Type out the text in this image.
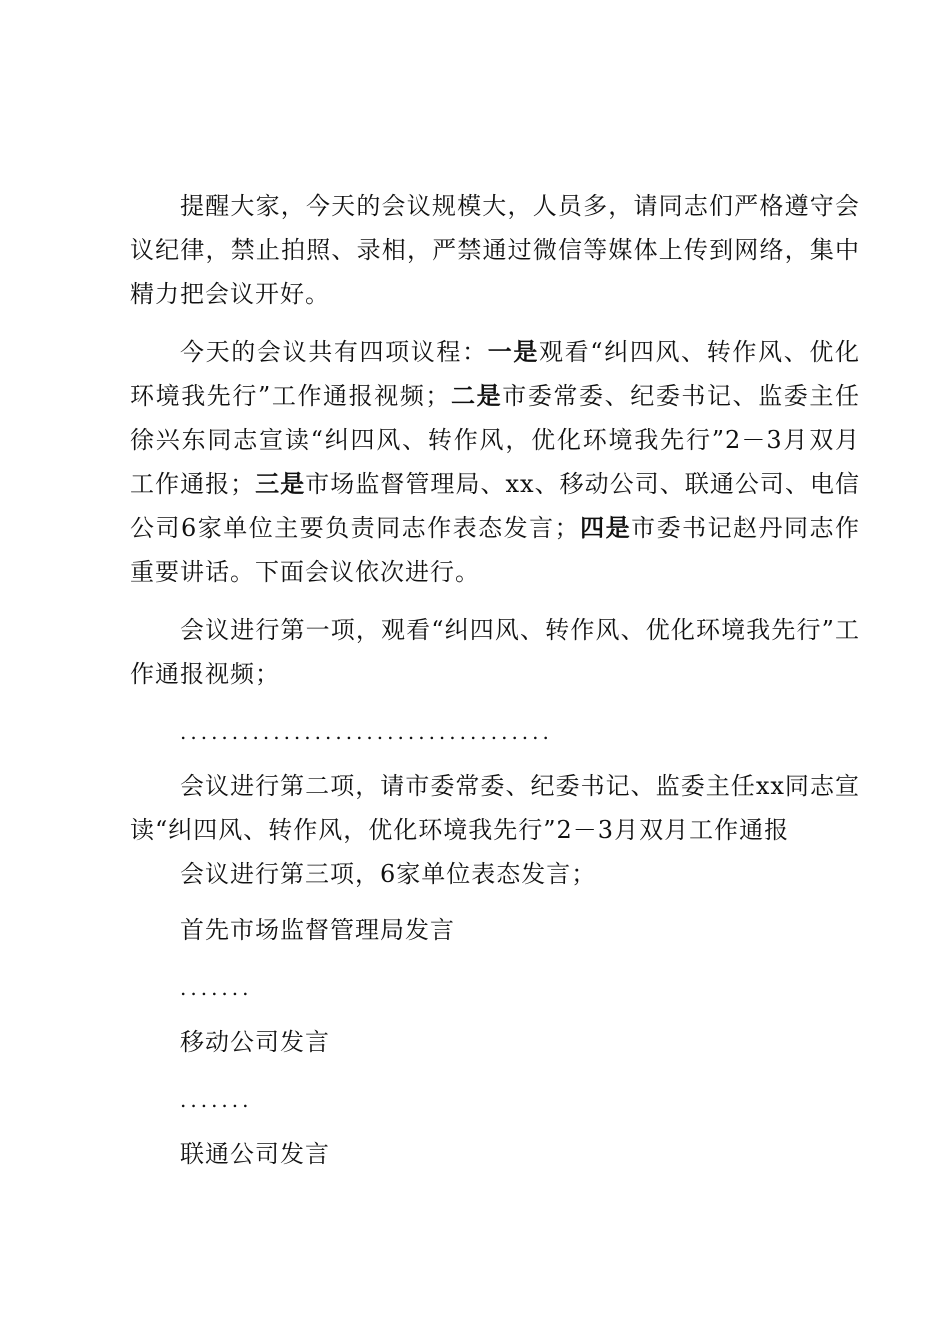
提醒大家，今天的会议规模大，人员多，请同志们严格遵守会议纪律，禁止拍照、录相，严禁通过微信等媒体上传到网络，集中精力把会议开好。

今天的会议共有四项议程：一是观看“纠四风、转作风、优化环境我先行”工作通报视频；二是市委常委、纪委书记、监委主任徐兴东同志宣读“纠四风、转作风，优化环境我先行”2－3月双月工作通报；三是市场监督管理局、xx、移动公司、联通公司、电信公司6家单位主要负责同志作表态发言；四是市委书记赵丹同志作重要讲话。下面会议依次进行。

会议进行第一项，观看“纠四风、转作风、优化环境我先行”工作通报视频；

....................................

会议进行第二项，请市委常委、纪委书记、监委主任xx同志宣读“纠四风、转作风，优化环境我先行”2－3月双月工作通报

会议进行第三项，6家单位表态发言；

首先市场监督管理局发言

.......

移动公司发言

.......

联通公司发言
